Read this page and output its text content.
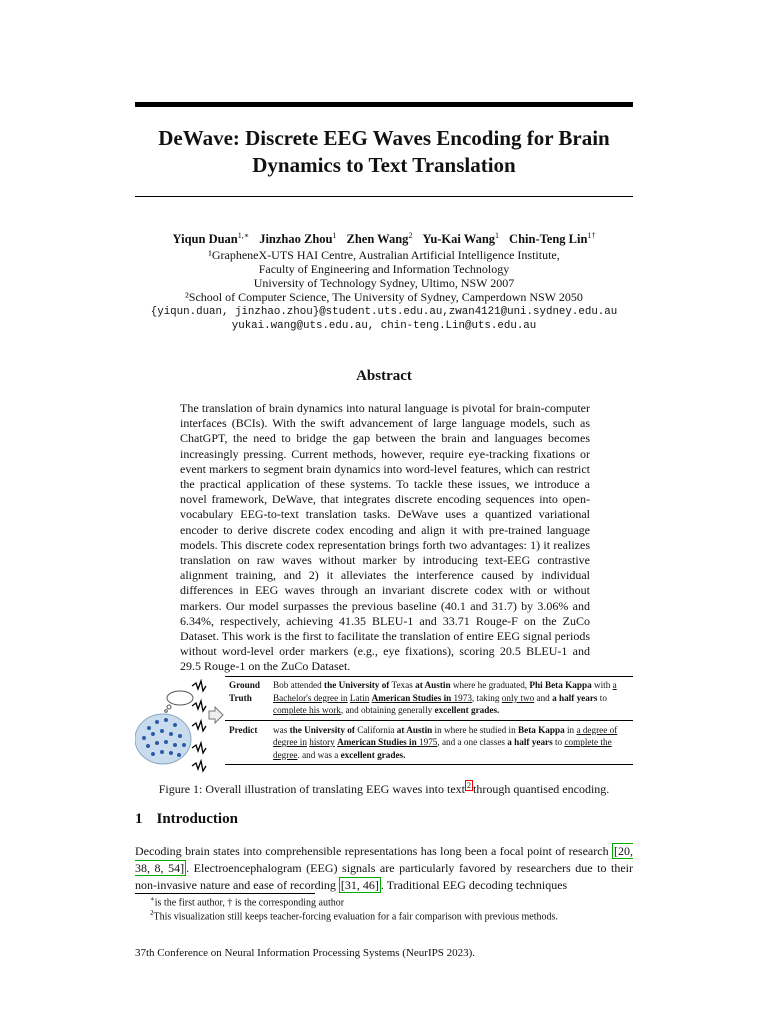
DeWave: Discrete EEG Waves Encoding for Brain
Dynamics to Text Translation
Yiqun Duan$^{1,∗}$ Jinzhao Zhou$^1$ Zhen Wang$^2$ Yu-Kai Wang$^1$ Chin-Teng Lin$^{1\dagger}$
¹GrapheneX-UTS HAI Centre, Australian Artificial Intelligence Institute,
Faculty of Engineering and Information Technology
University of Technology Sydney, Ultimo, NSW 2007
²School of Computer Science, The University of Sydney, Camperdown NSW 2050
{yiqun.duan, jinzhao.zhou}@student.uts.edu.au,zwan4121@uni.sydney.edu.au
yukai.wang@uts.edu.au, chin-teng.Lin@uts.edu.au
Abstract
The translation of brain dynamics into natural language is pivotal for brain-computer interfaces (BCIs). With the swift advancement of large language models, such as ChatGPT, the need to bridge the gap between the brain and languages becomes increasingly pressing. Current methods, however, require eye-tracking fixations or event markers to segment brain dynamics into word-level features, which can restrict the practical application of these systems. To tackle these issues, we introduce a novel framework, DeWave, that integrates discrete encoding sequences into open-vocabulary EEG-to-text translation tasks. DeWave uses a quantized variational encoder to derive discrete codex encoding and align it with pre-trained language models. This discrete codex representation brings forth two advantages: 1) it realizes translation on raw waves without marker by introducing text-EEG contrastive alignment training, and 2) it alleviates the interference caused by individual differences in EEG waves through an invariant discrete codex with or without markers. Our model surpasses the previous baseline (40.1 and 31.7) by 3.06% and 6.34%, respectively, achieving 41.35 BLEU-1 and 33.71 Rouge-F on the ZuCo Dataset. This work is the first to facilitate the translation of entire EEG signal periods without word-level order markers (e.g., eye fixations), scoring 20.5 BLEU-1 and 29.5 Rouge-1 on the ZuCo Dataset.
Ground
Truth
Bob attended the University of Texas at Austin where he graduated, Phi Beta Kappa with a Bachelor's degree in Latin American Studies in 1973, taking only two and a half years to complete his work, and obtaining generally excellent grades.
Predict	was the University of California at Austin in where he studied in Beta Kappa in a degree of degree in history American Studies in 1975, and a one classes a half years to complete the degree. and was a excellent grades.
Figure 1: Overall illustration of translating EEG waves into text $^2$ through quantised encoding.
1 Introduction
Decoding brain states into comprehensible representations has long been a focal point of research [20, 38, 8, 54] . Electroencephalogram (EEG) signals are particularly favored by researchers due to their non-invasive nature and ease of recording [31, 46] . Traditional EEG decoding techniques
∗is the first author, † is the corresponding author
$^2$This visualization still keeps teacher-forcing evaluation for a fair comparison with previous methods.
37th Conference on Neural Information Processing Systems (NeurIPS 2023).
